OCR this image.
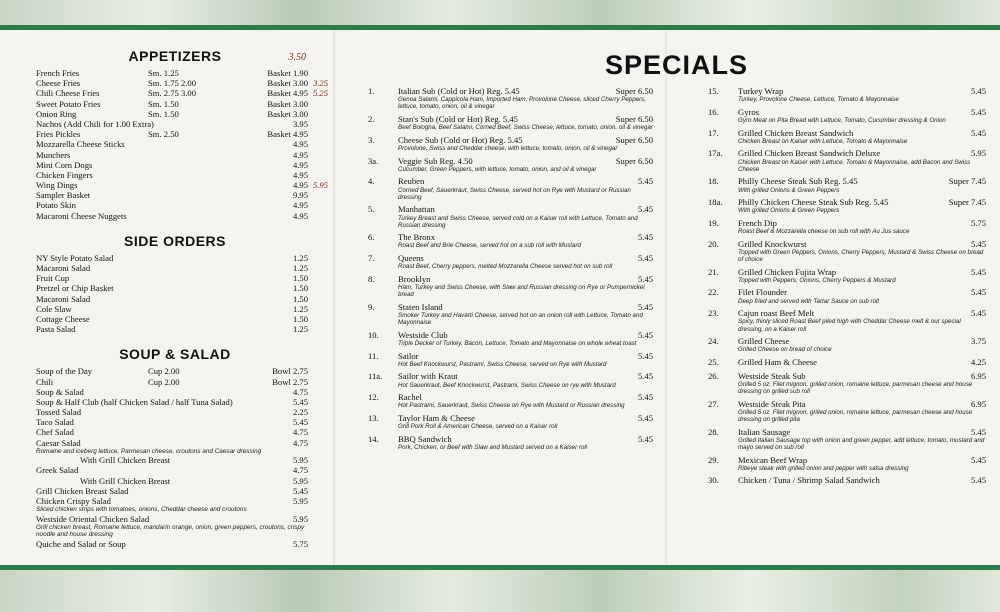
APPETIZERS	3.50
French Fries	Sm. 1.25	Basket 1.90
Cheese Fries	Sm. 1.75 2.00	Basket 3.00 3.25
Chili Cheese Fries	Sm. 2.75 3.00	Basket 4.95 5.25
Sweet Potato Fries	Sm. 1.50	Basket 3.00
Onion Ring	Sm. 1.50	Basket 3.00
Nachos (Add Chili for 1.00 Extra)	3.95
Fries Pickles	Sm. 2.50	Basket 4.95
Mozzarella Cheese Sticks	4.95
Munchers	4.95
Mini Corn Dogs	4.95
Chicken Fingers	4.95
Wing Dings	4.95 5.95
Sampler Basket	9.95
Potato Skin	4.95
Macaroni Cheese Nuggets	4.95
SIDE ORDERS
NY Style Potato Salad	1.25
Macaroni Salad	1.25
Fruit Cup	1.50
Pretzel or Chip Basket	1.50
Macaroni Salad	1.50
Cole Slaw	1.25
Cottage Cheese	1.50
Pasta Salad	1.25
SOUP & SALAD
Soup of the Day	Cup 2.00	Bowl 2.75
Chili	Cup 2.00	Bowl 2.75
Soup & Salad	4.75
Soup & Half Club (half Chicken Salad / half Tuna Salad)	5.45
Tossed Salad	2.25
Taco Salad	5.45
Chef Salad	4.75
Caesar Salad	4.75
Romaine and iceberg lettuce, Parmesan cheese, croutons and Caesar dressing
With Grill Chicken Breast	5.95
Greek Salad	4.75
With Grill Chicken Breast	5.95
Grill Chicken Breast Salad	5.45
Chicken Crispy Salad	5.95
Sliced chicken strips with tomatoes, onions, Cheddar cheese and croutons
Westside Oriental Chicken Salad	5.95
Grill chicken breast, Romaine lettuce, mandarin orange, onion, green peppers, croutons, crispy noodle and house dressing
Quiche and Salad or Soup	5.75
SPECIALS
1.	Italian Sub (Cold or Hot) Reg. 5.45	Super 6.50
Genoa Salami, Cappicola Ham, Imported Ham, Provolone Cheese, sliced Cherry Peppers, lettuce, tomato, onion, oil & vinegar
2.	Stan's Sub (Cold or Hot) Reg. 5.45	Super 6.50
Beef Bologna, Beef Salami, Corned Beef, Swiss Cheese, lettuce, tomato, onion, oil & vinegar
3.	Cheese Sub (Cold or Hot) Reg. 5.45	Super 6.50
Provolone, Swiss and Cheddar cheese, with lettuce, tomato, onion, oil & vinegar
3a. Veggie Sub Reg. 4.50	Super 6.50
Cucumber, Green Peppers, with lettuce, tomato, onion, and oil & vinegar
4.	Reuben	5.45
Corned Beef, Sauerkraut, Swiss Cheese, served hot on Rye with Mustard or Russian dressing
5.	Manhattan	5.45
Turkey Breast and Swiss Cheese, served cold on a Kaiser roll with Lettuce, Tomato and Russian dressing
6.	The Bronx	5.45
Roast Beef and Brie Cheese, served hot on a sub roll with Mustard
7.	Queens	5.45
Roast Beef, Cherry peppers, melted Mozzarella Cheese served hot on sub roll
8.	Brooklyn	5.45
Ham, Turkey and Swiss Cheese, with Slaw and Russian dressing on Rye or Pumpernickel bread
9.	Staten Island	5.45
Smoker Turkey and Havarti Cheese, served hot on an onion roll with Lettuce, Tomato and Mayonnaise
10. Westside Club	5.45
Triple Decker of Turkey, Bacon, Lettuce, Tomato and Mayonnaise on whole wheat toast
11. Sailor	5.45
Hot Beef Knockwurst, Pastrami, Swiss Cheese, served on Rye with Mustard
11a. Sailor with Kraut	5.45
Hot Sauerkraut, Beef Knockwurst, Pastrami, Swiss Cheese on rye with Mustard
12. Rachel	5.45
Hot Pastrami, Sauerkraut, Swiss Cheese on Rye with Mustard or Russian dressing
13. Taylor Ham & Cheese	5.45
Grill Pork Roll & American Cheese, served on a Kaiser roll
14. BBQ Sandwich	5.45
Pork, Chicken, or Beef with Slaw and Mustard served on a Kaiser roll
15. Turkey Wrap	5.45
Turkey, Provolone Cheese, Lettuce, Tomato & Mayonnaise
16. Gyros	5.45
Gyro Meat on Pita Bread with Lettuce, Tomato, Cucumber dressing & Onion
17. Grilled Chicken Breast Sandwich	5.45
Chicken Breast on Kaiser with Lettuce, Tomato & Mayonnaise
17a. Grilled Chicken Breast Sandwich Deluxe	5.95
Chicken Breast on Kaiser with Lettuce, Tomato & Mayonnaise, add Bacon and Swiss Cheese
18. Philly Cheese Steak Sub Reg. 5.45	Super 7.45
With grilled Onions & Green Peppers
18a. Philly Chicken Cheese Steak Sub Reg. 5.45	Super 7.45
With grilled Onions & Green Peppers
19. French Dip	5.75
Roast Beef & Mozzarella cheese on sub roll with Au Jus sauce
20. Grilled Knockwurst	5.45
Topped with Green Peppers, Onions, Cherry Peppers, Mustard & Swiss Cheese on bread of choice
21. Grilled Chicken Fujita Wrap	5.45
Topped with Peppers, Onions, Cherry Peppers & Mustard
22. Filet Flounder	5.45
Deep fried and served with Tartar Sauce on sub roll
23. Cajun roast Beef Melt	5.45
Spicy, thinly sliced Roast Beef piled high with Cheddar Cheese melt & our special dressing, on a Kaiser roll
24. Grilled Cheese	3.75
Grilled Cheese on bread of choice
25. Grilled Ham & Cheese	4.25
26. Westside Steak Sub	6.95
Grilled 5 oz. Filet mignon, grilled onion, romaine lettuce, parmesan cheese and house dressing on grilled sub roll
27. Westside Steak Pita	6.95
Grilled 5 oz. Filet mignon, grilled onion, romaine lettuce, parmesan cheese and house dressing on grilled pita
28. Italian Sausage	5.45
Grilled Italian Sausage top with onion and green pepper, add lettuce, tomato, mustard and mayo served on sub roll
29. Mexican Beef Wrap	5.45
Ribeye steak with grilled onion and pepper with salsa dressing
30. Chicken / Tuna / Shrimp Salad Sandwich	5.45
